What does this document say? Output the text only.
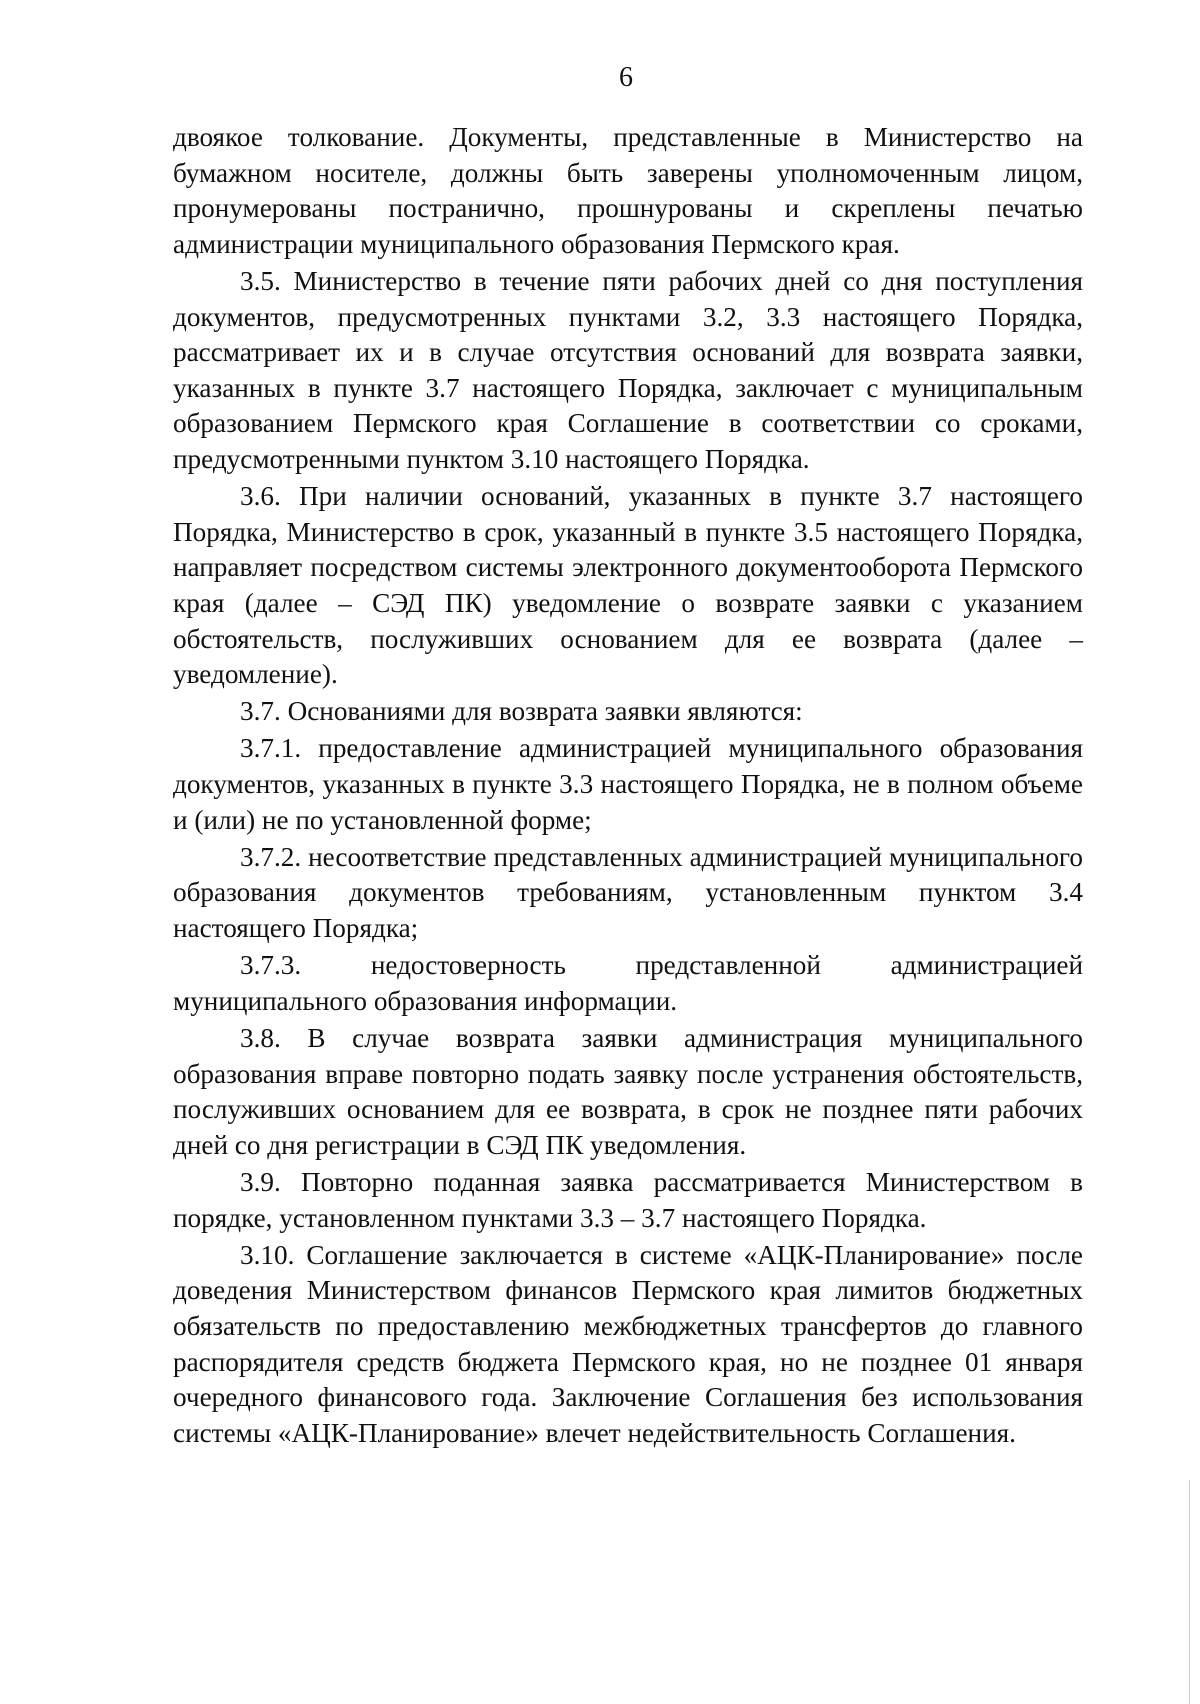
6

двоякое толкование. Документы, представленные в Министерство на бумажном носителе, должны быть заверены уполномоченным лицом, пронумерованы постранично, прошнурованы и скреплены печатью администрации муниципального образования Пермского края.

3.5. Министерство в течение пяти рабочих дней со дня поступления документов, предусмотренных пунктами 3.2, 3.3 настоящего Порядка, рассматривает их и в случае отсутствия оснований для возврата заявки, указанных в пункте 3.7 настоящего Порядка, заключает с муниципальным образованием Пермского края Соглашение в соответствии со сроками, предусмотренными пунктом 3.10 настоящего Порядка.

3.6. При наличии оснований, указанных в пункте 3.7 настоящего Порядка, Министерство в срок, указанный в пункте 3.5 настоящего Порядка, направляет посредством системы электронного документооборота Пермского края (далее – СЭД ПК) уведомление о возврате заявки с указанием обстоятельств, послуживших основанием для ее возврата (далее – уведомление).

3.7. Основаниями для возврата заявки являются:

3.7.1. предоставление администрацией муниципального образования документов, указанных в пункте 3.3 настоящего Порядка, не в полном объеме и (или) не по установленной форме;

3.7.2. несоответствие представленных администрацией муниципального образования документов требованиям, установленным пунктом 3.4 настоящего Порядка;

3.7.3. недостоверность представленной администрацией муниципального образования информации.

3.8. В случае возврата заявки администрация муниципального образования вправе повторно подать заявку после устранения обстоятельств, послуживших основанием для ее возврата, в срок не позднее пяти рабочих дней со дня регистрации в СЭД ПК уведомления.

3.9. Повторно поданная заявка рассматривается Министерством в порядке, установленном пунктами 3.3 – 3.7 настоящего Порядка.

3.10. Соглашение заключается в системе «АЦК-Планирование» после доведения Министерством финансов Пермского края лимитов бюджетных обязательств по предоставлению межбюджетных трансфертов до главного распорядителя средств бюджета Пермского края, но не позднее 01 января очередного финансового года. Заключение Соглашения без использования системы «АЦК-Планирование» влечет недействительность Соглашения.
